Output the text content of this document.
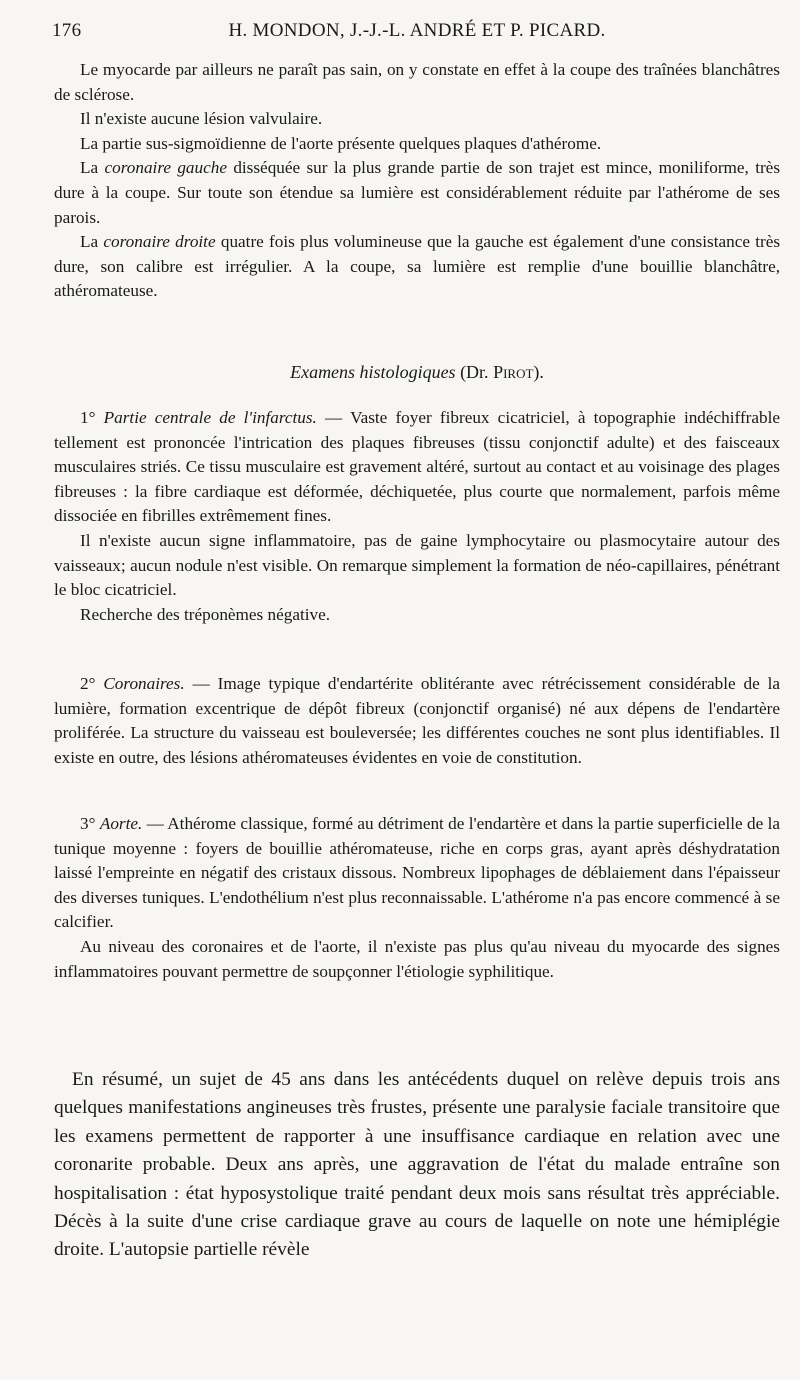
176	H. MONDON, J.-J.-L. ANDRÉ ET P. PICARD.

Le myocarde par ailleurs ne paraît pas sain, on y constate en effet à la coupe des traînées blanchâtres de sclérose.

Il n'existe aucune lésion valvulaire.

La partie sus-sigmoïdienne de l'aorte présente quelques plaques d'athérome.

La coronaire gauche disséquée sur la plus grande partie de son trajet est mince, moniliforme, très dure à la coupe. Sur toute son étendue sa lumière est considérablement réduite par l'athérome de ses parois.

La coronaire droite quatre fois plus volumineuse que la gauche est également d'une consistance très dure, son calibre est irrégulier. A la coupe, sa lumière est remplie d'une bouillie blanchâtre, athéromateuse.

Examens histologiques (Dr. Pirot).

1° Partie centrale de l'infarctus. — Vaste foyer fibreux cicatriciel, à topographie indéchiffrable tellement est prononcée l'intrication des plaques fibreuses (tissu conjonctif adulte) et des faisceaux musculaires striés. Ce tissu musculaire est gravement altéré, surtout au contact et au voisinage des plages fibreuses : la fibre cardiaque est déformée, déchiquetée, plus courte que normalement, parfois même dissociée en fibrilles extrêmement fines.

Il n'existe aucun signe inflammatoire, pas de gaine lymphocytaire ou plasmocytaire autour des vaisseaux; aucun nodule n'est visible. On remarque simplement la formation de néo-capillaires, pénétrant le bloc cicatriciel.

Recherche des tréponèmes négative.

2° Coronaires. — Image typique d'endartérite oblitérante avec rétrécissement considérable de la lumière, formation excentrique de dépôt fibreux (conjonctif organisé) né aux dépens de l'endartère proliférée. La structure du vaisseau est bouleversée; les différentes couches ne sont plus identifiables. Il existe en outre, des lésions athéromateuses évidentes en voie de constitution.

3° Aorte. — Athérome classique, formé au détriment de l'endartère et dans la partie superficielle de la tunique moyenne : foyers de bouillie athéromateuse, riche en corps gras, ayant après déshydratation laissé l'empreinte en négatif des cristaux dissous. Nombreux lipophages de déblaiement dans l'épaisseur des diverses tuniques. L'endothélium n'est plus reconnaissable. L'athérome n'a pas encore commencé à se calcifier.

Au niveau des coronaires et de l'aorte, il n'existe pas plus qu'au niveau du myocarde des signes inflammatoires pouvant permettre de soupçonner l'étiologie syphilitique.

En résumé, un sujet de 45 ans dans les antécédents duquel on relève depuis trois ans quelques manifestations angineuses très frustes, présente une paralysie faciale transitoire que les examens permettent de rapporter à une insuffisance cardiaque en relation avec une coronarite probable. Deux ans après, une aggravation de l'état du malade entraîne son hospitalisation : état hyposystolique traité pendant deux mois sans résultat très appréciable. Décès à la suite d'une crise cardiaque grave au cours de laquelle on note une hémiplégie droite. L'autopsie partielle révèle
